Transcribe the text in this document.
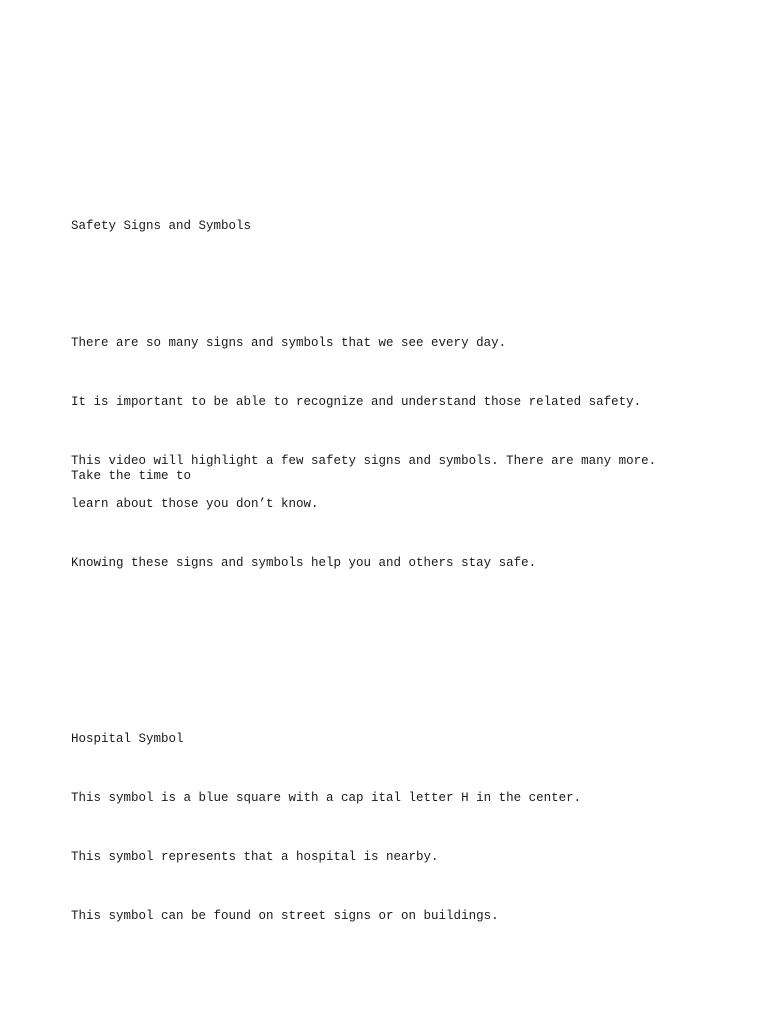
Safety Signs and Symbols

There are so many signs and symbols that we see every day.

It is important to be able to recognize and understand those related safety.

This video will highlight a few safety signs and symbols. There are many more. Take the time to

learn about those you don’t know.

Knowing these signs and symbols help you and others stay safe.

Hospital Symbol

This symbol is a blue square with a cap ital letter H in the center.

This symbol represents that a hospital is nearby.

This symbol can be found on street signs or on buildings.
